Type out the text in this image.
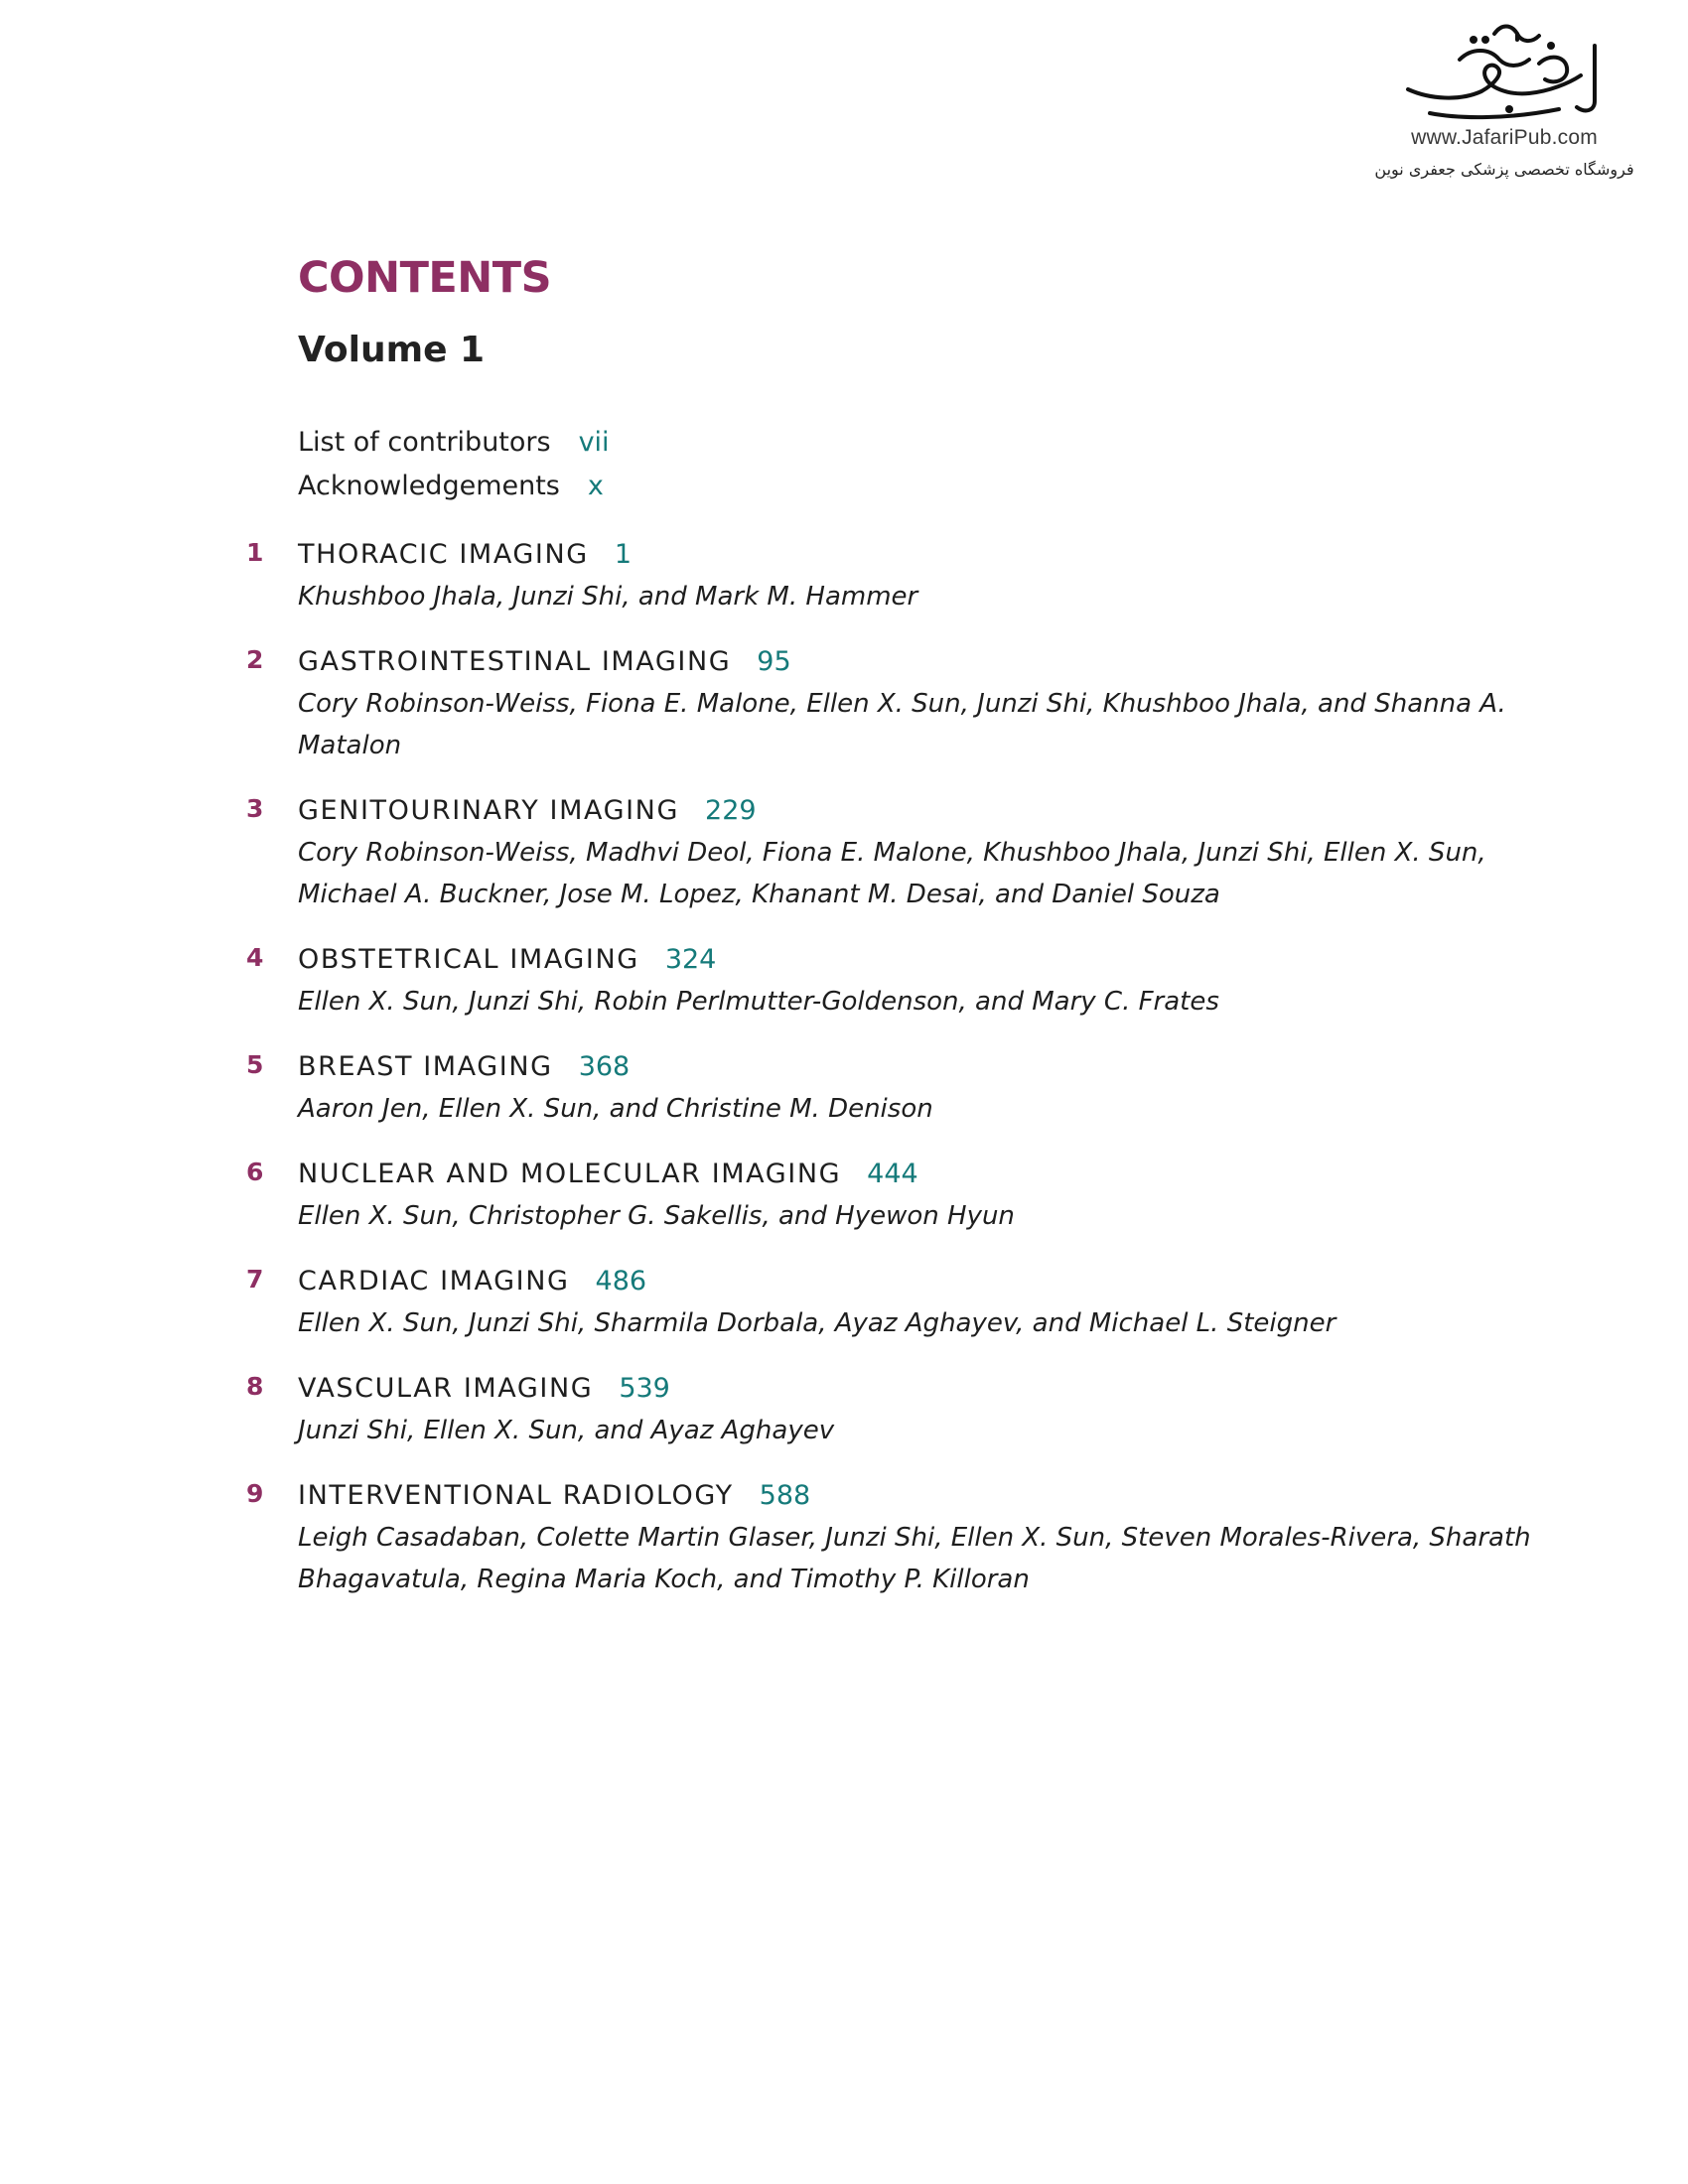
www.JafariPub.com
فروشگاه تخصصی پزشکی جعفری نوین
CONTENTS
Volume 1
List of contributors vii
Acknowledgements x
1	THORACIC IMAGING 1
Khushboo Jhala, Junzi Shi, and Mark M. Hammer
2	GASTROINTESTINAL IMAGING 95
Cory Robinson-Weiss, Fiona E. Malone, Ellen X. Sun, Junzi Shi, Khushboo Jhala, and Shanna A. Matalon
3	GENITOURINARY IMAGING 229
Cory Robinson-Weiss, Madhvi Deol, Fiona E. Malone, Khushboo Jhala, Junzi Shi, Ellen X. Sun, Michael A. Buckner, Jose M. Lopez, Khanant M. Desai, and Daniel Souza
4	OBSTETRICAL IMAGING 324
Ellen X. Sun, Junzi Shi, Robin Perlmutter-Goldenson, and Mary C. Frates
5	BREAST IMAGING 368
Aaron Jen, Ellen X. Sun, and Christine M. Denison
6	NUCLEAR AND MOLECULAR IMAGING 444
Ellen X. Sun, Christopher G. Sakellis, and Hyewon Hyun
7	CARDIAC IMAGING 486
Ellen X. Sun, Junzi Shi, Sharmila Dorbala, Ayaz Aghayev, and Michael L. Steigner
8	VASCULAR IMAGING 539
Junzi Shi, Ellen X. Sun, and Ayaz Aghayev
9	INTERVENTIONAL RADIOLOGY 588
Leigh Casadaban, Colette Martin Glaser, Junzi Shi, Ellen X. Sun, Steven Morales-Rivera, Sharath Bhagavatula, Regina Maria Koch, and Timothy P. Killoran
